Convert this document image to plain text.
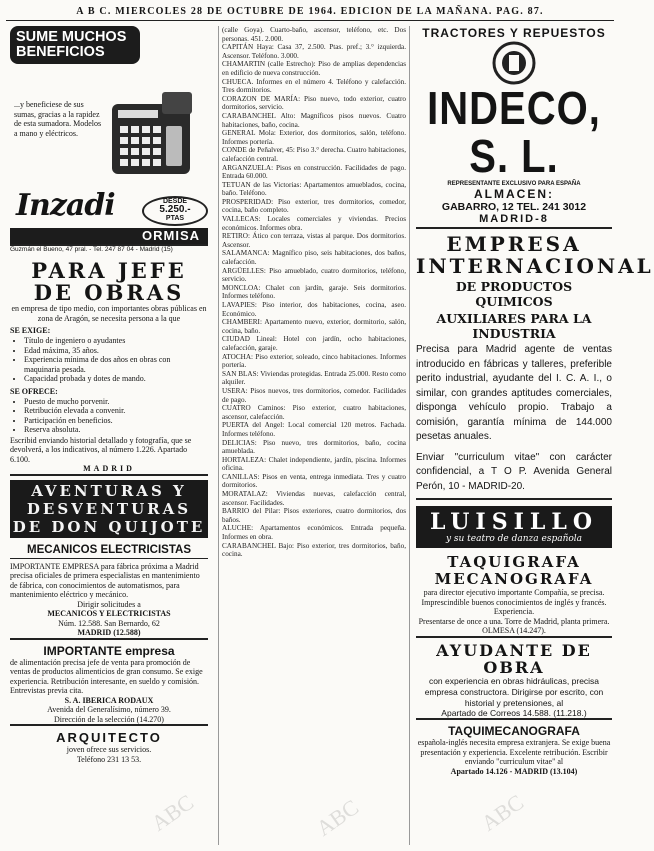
A B C. MIERCOLES 28 DE OCTUBRE DE 1964. EDICION DE LA MAÑANA. PAG. 87.
SUME MUCHOS
BENEFICIOS
...y beneficiese de sus sumas, gracias a la rapidez de esta sumadora. Modelos a mano y eléctricos.
Inzadi	DESDE
5.250.-
PTAS
ORMISA
Guzmán el Bueno, 47 pral. - Tel. 247 87 04 - Madrid (15)
PARA JEFE
DE OBRAS
en empresa de tipo medio, con importantes obras públicas en zona de Aragón, se necesita persona a la que
SE EXIGE:
• Título de ingeniero o ayudantes
• Edad máxima, 35 años.
• Experiencia mínima de dos años en obras con maquinaria pesada.
• Capacidad probada y dotes de mando.
SE OFRECE:
• Puesto de mucho porvenir.
• Retribución elevada a convenir.
• Participación en beneficios.
• Reserva absoluta.
Escribid enviando historial detallado y fotografía, que se devolverá, a los indicativos, al número 1.226. Apartado 6.100.
MADRID
AVENTURAS Y
DESVENTURAS
DE DON QUIJOTE
MECANICOS ELECTRICISTAS
IMPORTANTE EMPRESA para fábrica próxima a Madrid precisa oficiales de primera especialistas en mantenimiento de fábrica, con conocimientos de automatismos, para mantenimiento eléctrico y mecánico.
Dirigir solicitudes a
MECANICOS Y ELECTRICISTAS
Núm. 12.588. San Bernardo, 62
MADRID (12.588)
IMPORTANTE empresa
de alimentación precisa jefe de venta para promoción de ventas de productos alimenticios de gran consumo. Se exige experiencia. Retribución interesante, en sueldo y comisión. Entrevistas previa cita.
S. A. IBERICA RODAUX
Avenida del Generalísimo, número 39.
Dirección de la selección (14.270)
ARQUITECTO
joven ofrece sus servicios.
Teléfono 231 13 53.

(calle Goya). Cuarto-baño, ascensor, teléfono, etc. Dos personas. 451. 2.000.

CAPITÁN Haya: Casa 37, 2.500. Ptas. pref.; 3.° izquierda. Ascensor. Teléfono. 3.000.

CHAMARTIN (calle Estrecho): Piso de amplias dependencias en edificio de nueva construcción.

CHUECA. Informes en el número 4. Teléfono y calefacción. Tres dormitorios.

CORAZON DE MARÍA: Piso nuevo, todo exterior, cuatro dormitorios, servicio.

CARABANCHEL Alto: Magníficos pisos nuevos. Cuatro habitaciones, baño, cocina.

GENERAL Mola: Exterior, dos dormitorios, salón, teléfono. Informes portería.

CONDE de Peñalver, 45: Piso 3.° derecha. Cuatro habitaciones, calefacción central.

ARGANZUELA: Pisos en construcción. Facilidades de pago. Entrada 60.000.

TETUAN de las Victorias: Apartamentos amueblados, cocina, baño. Teléfono.

PROSPERIDAD: Piso exterior, tres dormitorios, comedor, cocina, baño completo.

VALLECAS: Locales comerciales y viviendas. Precios económicos. Informes obra.

RETIRO: Ático con terraza, vistas al parque. Dos dormitorios. Ascensor.

SALAMANCA: Magnífico piso, seis habitaciones, dos baños, calefacción.

ARGÜELLES: Piso amueblado, cuatro dormitorios, teléfono, servicio.

MONCLOA: Chalet con jardín, garaje. Seis dormitorios. Informes teléfono.

LAVAPIES: Piso interior, dos habitaciones, cocina, aseo. Económico.

CHAMBERI: Apartamento nuevo, exterior, dormitorio, salón, cocina, baño.

CIUDAD Lineal: Hotel con jardín, ocho habitaciones, calefacción, garaje.

ATOCHA: Piso exterior, soleado, cinco habitaciones. Informes portería.

SAN BLAS: Viviendas protegidas. Entrada 25.000. Resto como alquiler.

USERA: Pisos nuevos, tres dormitorios, comedor. Facilidades de pago.

CUATRO Caminos: Piso exterior, cuatro habitaciones, ascensor, calefacción.

PUERTA del Angel: Local comercial 120 metros. Fachada. Informes teléfono.

DELICIAS: Piso nuevo, tres dormitorios, baño, cocina amueblada.

HORTALEZA: Chalet independiente, jardín, piscina. Informes oficina.

CANILLAS: Pisos en venta, entrega inmediata. Tres y cuatro dormitorios.

MORATALAZ: Viviendas nuevas, calefacción central, ascensor. Facilidades.

BARRIO del Pilar: Pisos exteriores, cuatro dormitorios, dos baños.

ALUCHE: Apartamentos económicos. Entrada pequeña. Informes en obra.

CARABANCHEL Bajo: Piso exterior, tres dormitorios, baño, cocina.

TRACTORES Y REPUESTOS
INDECO, S. L.
REPRESENTANTE EXCLUSIVO PARA ESPAÑA
ALMACEN:
GABARRO, 12 TEL. 241 3012
MADRID-8
EMPRESA
INTERNACIONAL
DE PRODUCTOS QUIMICOS
AUXILIARES PARA LA INDUSTRIA
Precisa para Madrid agente de ventas introducido en fábricas y talleres, preferible perito industrial, ayudante del I. C. A. I., o similar, con grandes aptitudes comerciales, disponga vehículo propio. Trabajo a comisión, garantía mínima de 144.000 pesetas anuales.
Enviar "curriculum vitae" con carácter confidencial, a T O P. Avenida General Perón, 10 - MADRID-20.
LUISILLO
y su teatro de danza española
TAQUIGRAFA
MECANOGRAFA
para director ejecutivo importante Compañía, se precisa. Imprescindible buenos conocimientos de inglés y francés. Experiencia.
Presentarse de once a una. Torre de Madrid, planta primera. OLMESA (14.247).
AYUDANTE DE OBRA
con experiencia en obras hidráulicas, precisa empresa constructora. Dirigirse por escrito, con historial y pretensiones, al
Apartado de Correos 14.588. (11.218.)
TAQUIMECANOGRAFA
española-inglés necesita empresa extranjera. Se exige buena presentación y experiencia. Excelente retribución. Escribir enviando "curriculum vitae" al
Apartado 14.126 - MADRID (13.104)
ABC	ABC	ABC
